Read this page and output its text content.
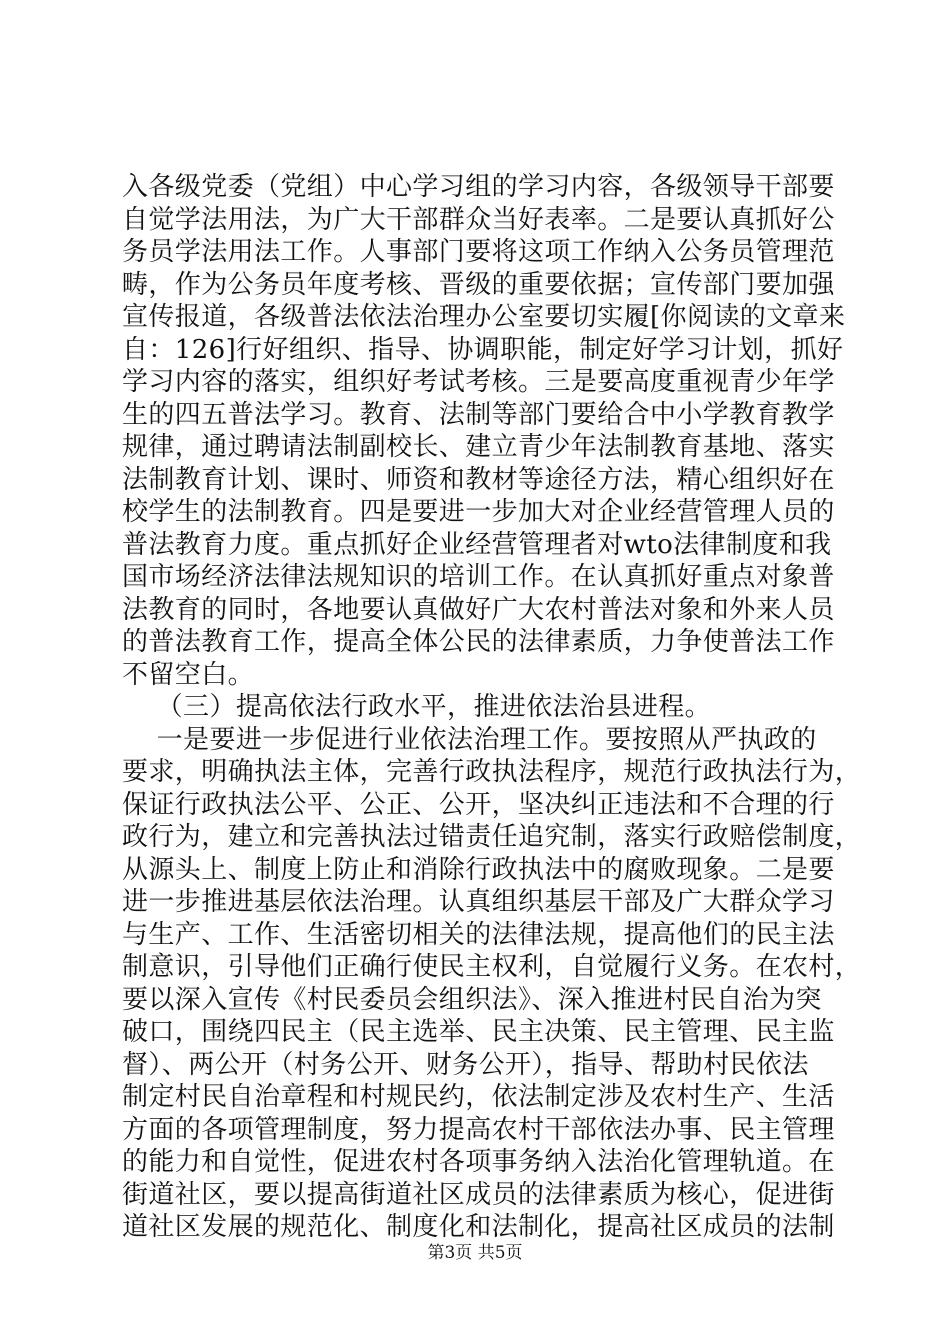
入各级党委（党组）中心学习组的学习内容，各级领导干部要
自觉学法用法，为广大干部群众当好表率。二是要认真抓好公
务员学法用法工作。人事部门要将这项工作纳入公务员管理范
畴，作为公务员年度考核、晋级的重要依据；宣传部门要加强
宣传报道，各级普法依法治理办公室要切实履[你阅读的文章来
自：126]行好组织、指导、协调职能，制定好学习计划，抓好
学习内容的落实，组织好考试考核。三是要高度重视青少年学
生的四五普法学习。教育、法制等部门要给合中小学教育教学
规律，通过聘请法制副校长、建立青少年法制教育基地、落实
法制教育计划、课时、师资和教材等途径方法，精心组织好在
校学生的法制教育。四是要进一步加大对企业经营管理人员的
普法教育力度。重点抓好企业经营管理者对wto法律制度和我
国市场经济法律法规知识的培训工作。在认真抓好重点对象普
法教育的同时，各地要认真做好广大农村普法对象和外来人员
的普法教育工作，提高全体公民的法律素质，力争使普法工作
不留空白。
（三）提高依法行政水平，推进依法治县进程。
一是要进一步促进行业依法治理工作。要按照从严执政的
要求，明确执法主体，完善行政执法程序，规范行政执法行为，
保证行政执法公平、公正、公开，坚决纠正违法和不合理的行
政行为，建立和完善执法过错责任追究制，落实行政赔偿制度，
从源头上、制度上防止和消除行政执法中的腐败现象。二是要
进一步推进基层依法治理。认真组织基层干部及广大群众学习
与生产、工作、生活密切相关的法律法规，提高他们的民主法
制意识，引导他们正确行使民主权利，自觉履行义务。在农村，
要以深入宣传《村民委员会组织法》、深入推进村民自治为突
破口，围绕四民主（民主选举、民主决策、民主管理、民主监
督）、两公开（村务公开、财务公开），指导、帮助村民依法
制定村民自治章程和村规民约，依法制定涉及农村生产、生活
方面的各项管理制度，努力提高农村干部依法办事、民主管理
的能力和自觉性，促进农村各项事务纳入法治化管理轨道。在
街道社区，要以提高街道社区成员的法律素质为核心，促进街
道社区发展的规范化、制度化和法制化，提高社区成员的法制
第3页 共5页
